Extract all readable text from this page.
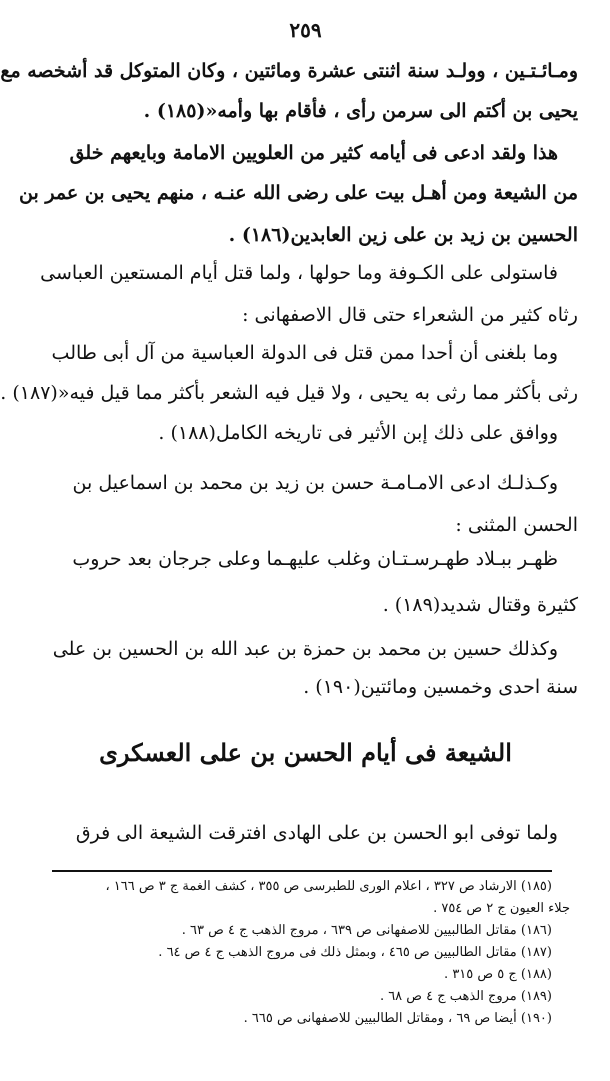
٢٥٩
ومـائـتـين ، وولـد سنة اثنتى عشرة ومائتين ، وكان المتوكل قد أشخصه مع
يحيى بن أكتم الى سرمن رأى ، فأقام بها وأمه«(١٨٥) .
هذا ولقد ادعى فى أيامه كثير من العلويين الامامة وبايعهم خلق
من الشيعة ومن أهـل بيت على رضى الله عنـه ، منهم يحيى بن عمر بن
الحسين بن زيد بن على زين العابدين(١٨٦) .
فاستولى على الكـوفة وما حولها ، ولما قتل أيام المستعين العباسى
رثاه كثير من الشعراء حتى قال الاصفهانى :
وما بلغنى أن أحدا ممن قتل فى الدولة العباسية من آل أبى طالب
رثى بأكثر مما رثى به يحيى ، ولا قيل فيه الشعر بأكثر مما قيل فيه«(١٨٧) .
ووافق على ذلك إبن الأثير فى تاريخه الكامل(١٨٨) .
وكـذلـك ادعى الامـامـة حسن بن زيد بن محمد بن اسماعيل بن
الحسن المثنى :
ظهـر ببـلاد طهـرسـتـان وغلب عليهـما وعلى جرجان بعد حروب
كثيرة وقتال شديد(١٨٩) .
وكذلك حسين بن محمد بن حمزة بن عبد الله بن الحسين بن على
سنة احدى وخمسين ومائتين(١٩٠) .
الشيعة فى أيام الحسن بن على العسكرى
ولما توفى ابو الحسن بن على الهادى افترقت الشيعة الى فرق
(١٨٥) الارشاد ص ٣٢٧ ، اعلام الورى للطبرسى ص ٣٥٥ ، كشف الغمة ج ٣ ص ١٦٦ ،
جلاء العيون ج ٢ ص ٧٥٤ .
(١٨٦) مقاتل الطالبيين للاصفهانى ص ٦٣٩ ، مروج الذهب ج ٤ ص ٦٣ .
(١٨٧) مقاتل الطالبيين ص ٤٦٥ ، وبمثل ذلك فى مروج الذهب ج ٤ ص ٦٤ .
(١٨٨) ج ٥ ص ٣١٥ .
(١٨٩) مروج الذهب ج ٤ ص ٦٨ .
(١٩٠) أيضا ص ٦٩ ، ومقاتل الطالبيين للاصفهانى ص ٦٦٥ .
